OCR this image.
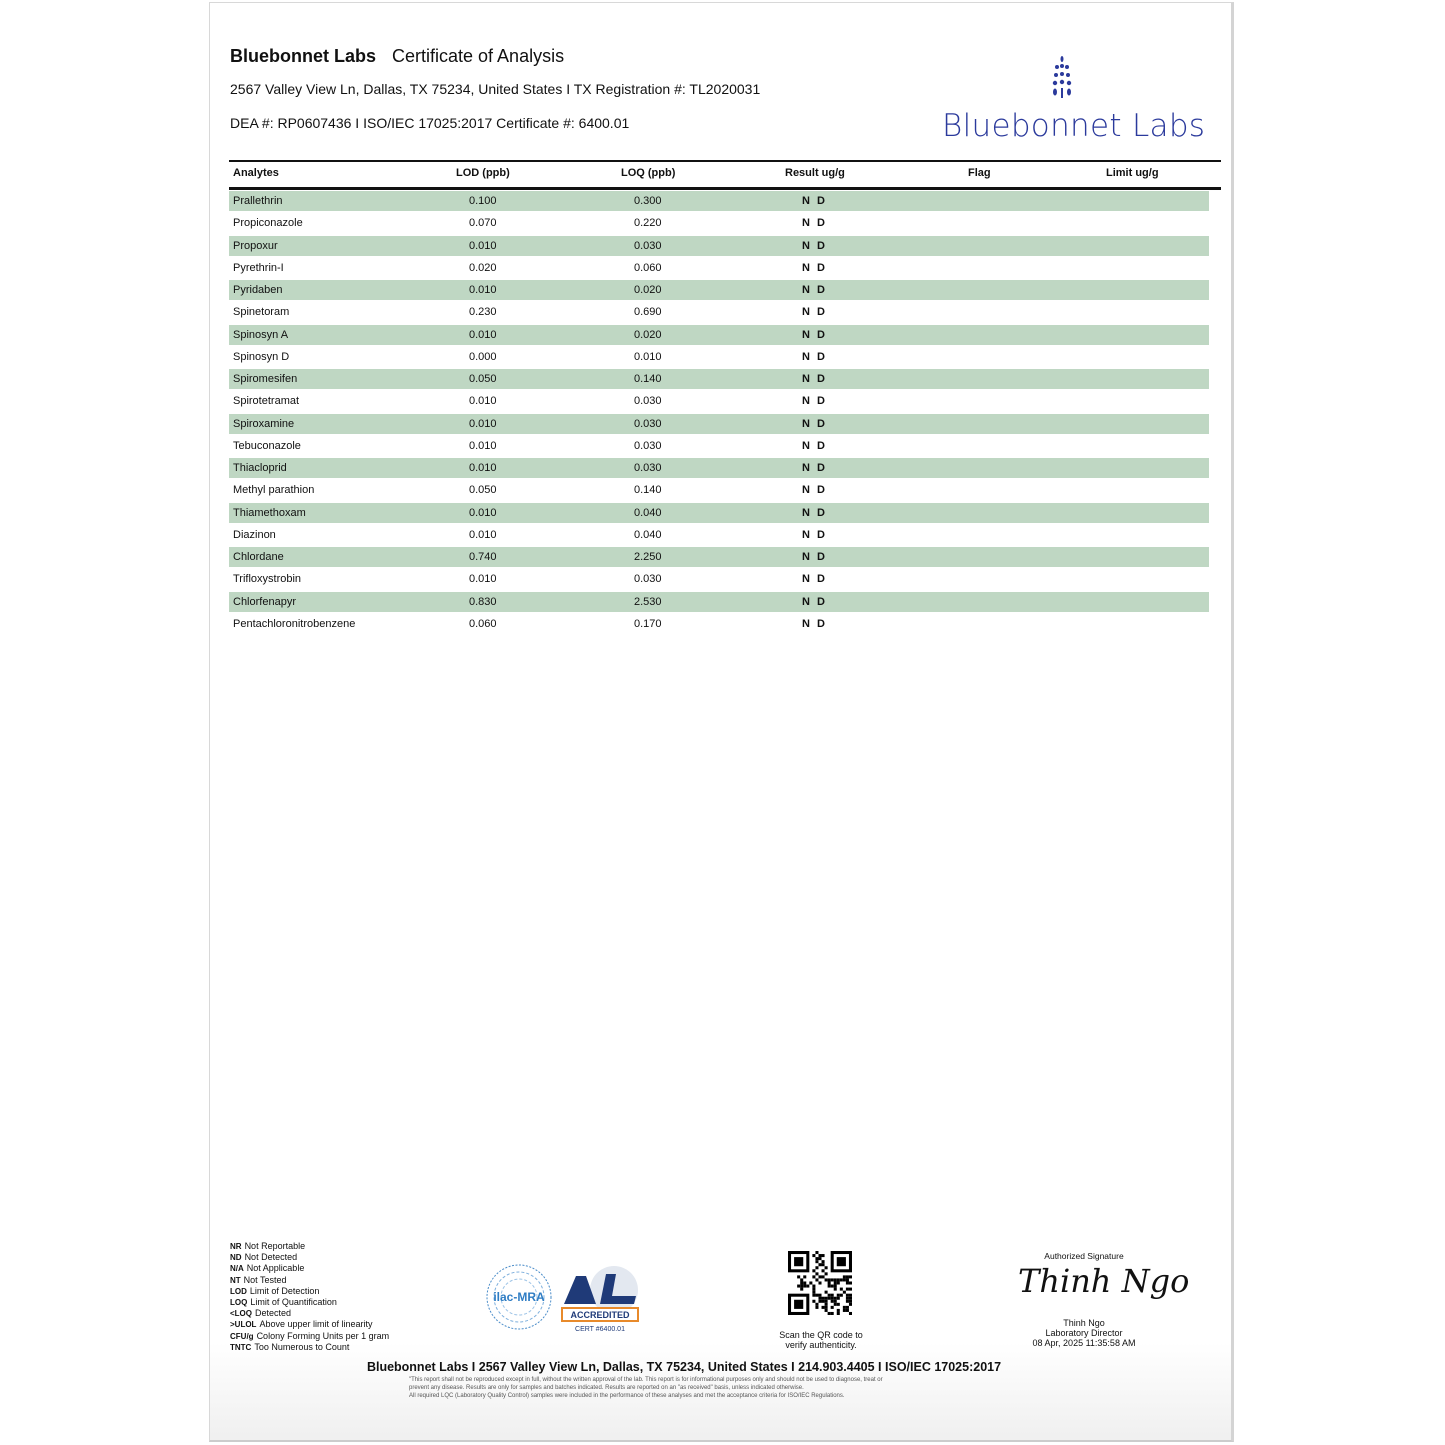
Bluebonnet Labs Certificate of Analysis
2567 Valley View Ln, Dallas, TX 75234, United States I TX Registration #: TL2020031
DEA #: RP0607436 I ISO/IEC 17025:2017 Certificate #: 6400.01	Bluebonnet Labs
Analytes	LOD (ppb)	LOQ (ppb)	Result ug/g	Flag	Limit ug/g
Prallethrin	0.100	0.300	N D
Propiconazole	0.070	0.220	N D
Propoxur	0.010	0.030	N D
Pyrethrin-I	0.020	0.060	N D
Pyridaben	0.010	0.020	N D
Spinetoram	0.230	0.690	N D
Spinosyn A	0.010	0.020	N D
Spinosyn D	0.000	0.010	N D
Spiromesifen	0.050	0.140	N D
Spirotetramat	0.010	0.030	N D
Spiroxamine	0.010	0.030	N D
Tebuconazole	0.010	0.030	N D
Thiacloprid	0.010	0.030	N D
Methyl parathion	0.050	0.140	N D
Thiamethoxam	0.010	0.040	N D
Diazinon	0.010	0.040	N D
Chlordane	0.740	2.250	N D
Trifloxystrobin	0.010	0.030	N D
Chlorfenapyr	0.830	2.530	N D
Pentachloronitrobenzene	0.060	0.170	N D
NR Not Reportable
ND Not Detected
N/A Not Applicable
NT Not Tested
LOD Limit of Detection
LOQ Limit of Quantification
<LOQ Detected
>ULOL Above upper limit of linearity
CFU/g Colony Forming Units per 1 gram
TNTC Too Numerous to Count
ilac-MRA
ACCREDITED
CERT #6400.01
Scan the QR code to
verify authenticity.
Authorized Signature
Thinh Ngo
Thinh Ngo
Laboratory Director
08 Apr, 2025 11:35:58 AM
Bluebonnet Labs I 2567 Valley View Ln, Dallas, TX 75234, United States I 214.903.4405 I ISO/IEC 17025:2017
"This report shall not be reproduced except in full, without the written approval of the lab. This report is for informational purposes only and should not be used to diagnose, treat or
prevent any disease. Results are only for samples and batches indicated. Results are reported on an "as received" basis, unless indicated otherwise.
All required LQC (Laboratory Quality Control) samples were included in the performance of these analyses and met the acceptance criteria for ISO/IEC Regulations.
